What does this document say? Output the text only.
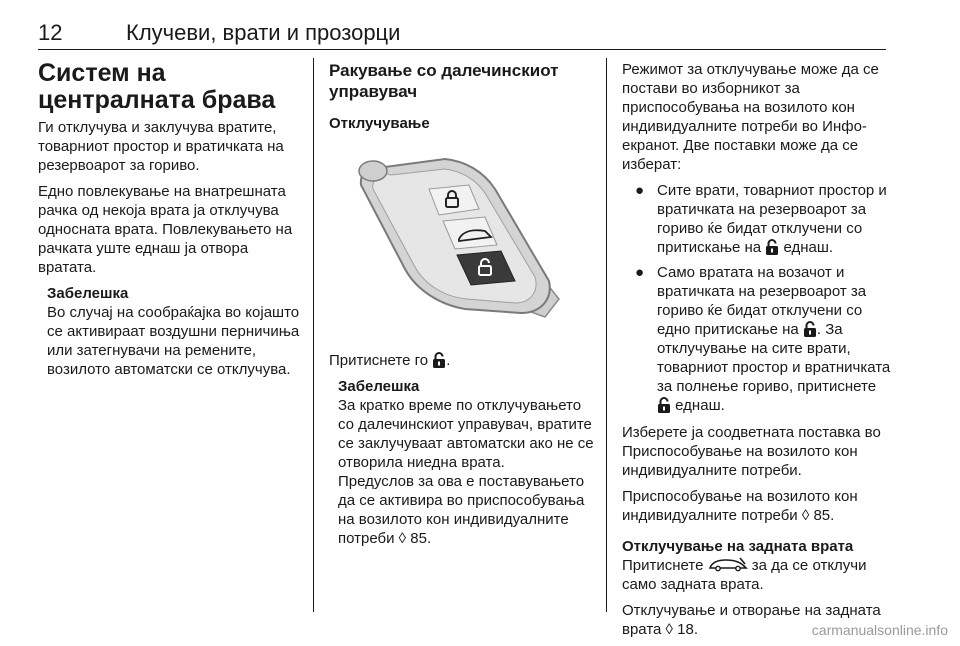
12	Клучеви, врати и прозорци
Систем на централната брава

Ги отклучува и заклучува вратите, товарниот простор и вратичката на резервоарот за гориво.

Едно повлекување на внатрешната рачка од некоја врата ја отклучува односната врата. Повлекувањето на рачката уште еднаш ја отвора вратата.

Забелешка
Во случај на сообраќајка во којашто се активираат воздушни перничиња или затегнувачи на ремените, возилото автоматски се отклучува.
Ракување со далечинскиот управувач
Отклучување

Притиснете го .

Забелешка
За кратко време по отклучувањето со далечинскиот управувач, вратите се заклучуваат автоматски ако не се отворила ниедна врата.
Предуслов за ова е поставувањето да се активира во приспособувања на возилото кон индивидуалните потреби ◊ 85.

Режимот за отклучување може да се постави во изборникот за приспособувања на возилото кон индивидуалните потреби во Инфо-екранот. Две поставки може да се изберат:

● Сите врати, товарниот простор и вратичката на резервоарот за гориво ќе бидат отклучени со притискање на еднаш.
● Само вратата на возачот и вратичката на резервоарот за гориво ќе бидат отклучени со едно притискање на . За отклучување на сите врати, товарниот простор и вратничката за полнење гориво, притиснете  еднаш.

Изберете ја соодветната поставка во Приспособување на возилото кон индивидуалните потреби.

Приспособување на возилото кон индивидуалните потреби ◊ 85.

Отклучување на задната врата

Притиснете	за да се отклучи само задната врата.

Отклучување и отворање на задната врата ◊ 18.	carmanualsonline.info
